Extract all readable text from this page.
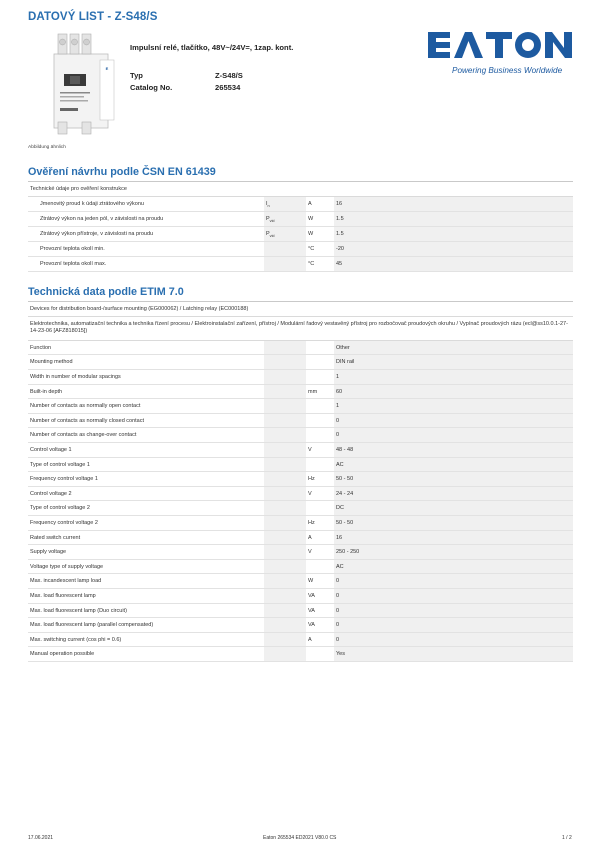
DATOVÝ LIST - Z-S48/S
E
Abbildung ähnlich
Impulsní relé, tlačítko, 48V~/24V=, 1zap. kont.
Typ	Z-S48/S
Catalog No.	265534
Powering Business Worldwide
Ověření návrhu podle ČSN EN 61439
Technické údaje pro ověření konstrukce
Jmenovitý proud k údaji ztrátového výkonu	$I_n$	A	16
Ztrátový výkon na jeden pól, v závislosti na proudu	$P_{vid}$	W	1.5
Ztrátový výkon přístroje, v závislosti na proudu	$P_{vid}$	W	1.5
Provozní teplota okolí min.	°C	-20
Provozní teplota okolí max.	°C	45
Technická data podle ETIM 7.0
Devices for distribution board-/surface mounting (EG000062) / Latching relay (EC000188)
Elektrotechnika, automatizační technika a technika řízení procesu / Elektroinstalační zařízení, přístroj / Modulární řadový vestavěný přístroj pro rozbočovač proudových okruhu / Vypínač proudových rázu (ecl@ss10.0.1-27-14-23-06 [AFZ818015])
Function	Other
Mounting method	DIN rail
Width in number of modular spacings	1
Built-in depth	mm	60
Number of contacts as normally open contact	1
Number of contacts as normally closed contact	0
Number of contacts as change-over contact	0
Control voltage 1	V	48 - 48
Type of control voltage 1	AC
Frequency control voltage 1	Hz	50 - 50
Control voltage 2	V	24 - 24
Type of control voltage 2	DC
Frequency control voltage 2	Hz	50 - 50
Rated switch current	A	16
Supply voltage	V	250 - 250
Voltage type of supply voltage	AC
Max. incandescent lamp load	W	0
Max. load fluorescent lamp	VA	0
Max. load fluorescent lamp (Duo circuit)	VA	0
Max. load fluorescent lamp (parallel compensated)	VA	0
Max. switching current (cos phi = 0.6)	A	0
Manual operation possible	Yes
17.06.2021	Eaton 265534 ED2021 V80.0 CS	1 / 2
